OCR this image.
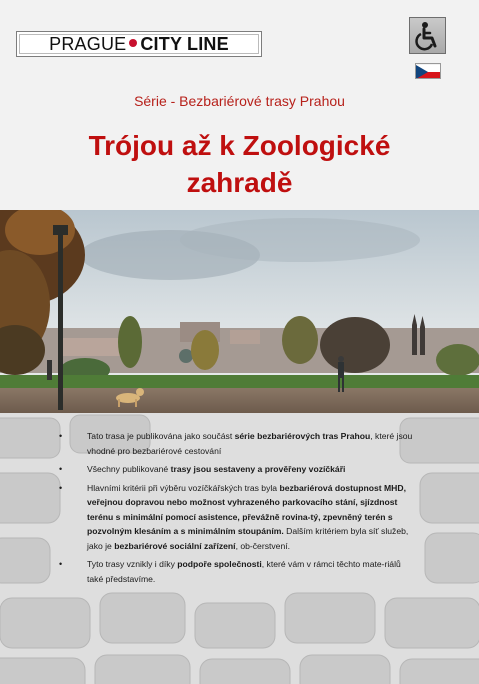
PRAGUE CITY LINE
Série - Bezbariérové trasy Prahou
Trójou až k Zoologické
zahradě
•	Tato trasa je publikována jako součást série bezbariérových tras Prahou, které jsou vhodné pro bezbariérové cestování
•	Všechny publikované trasy jsou sestaveny a prověřeny vozíčkáři
•	Hlavními kritérii při výběru vozíčkářských tras byla bezbariérová dostupnost MHD, veřejnou dopravou nebo možnost vyhrazeného parkovacího stání, sjízdnost terénu s minimální pomocí asistence, převážně rovina-tý, zpevněný terén s pozvolným klesáním a s minimálním stoupáním. Dalším kritériem byla síť služeb, jako je bezbariérové sociální zařízení, ob-čerstvení.
•	Tyto trasy vznikly i díky podpoře společnosti, které vám v rámci těchto mate-riálů také představíme.
